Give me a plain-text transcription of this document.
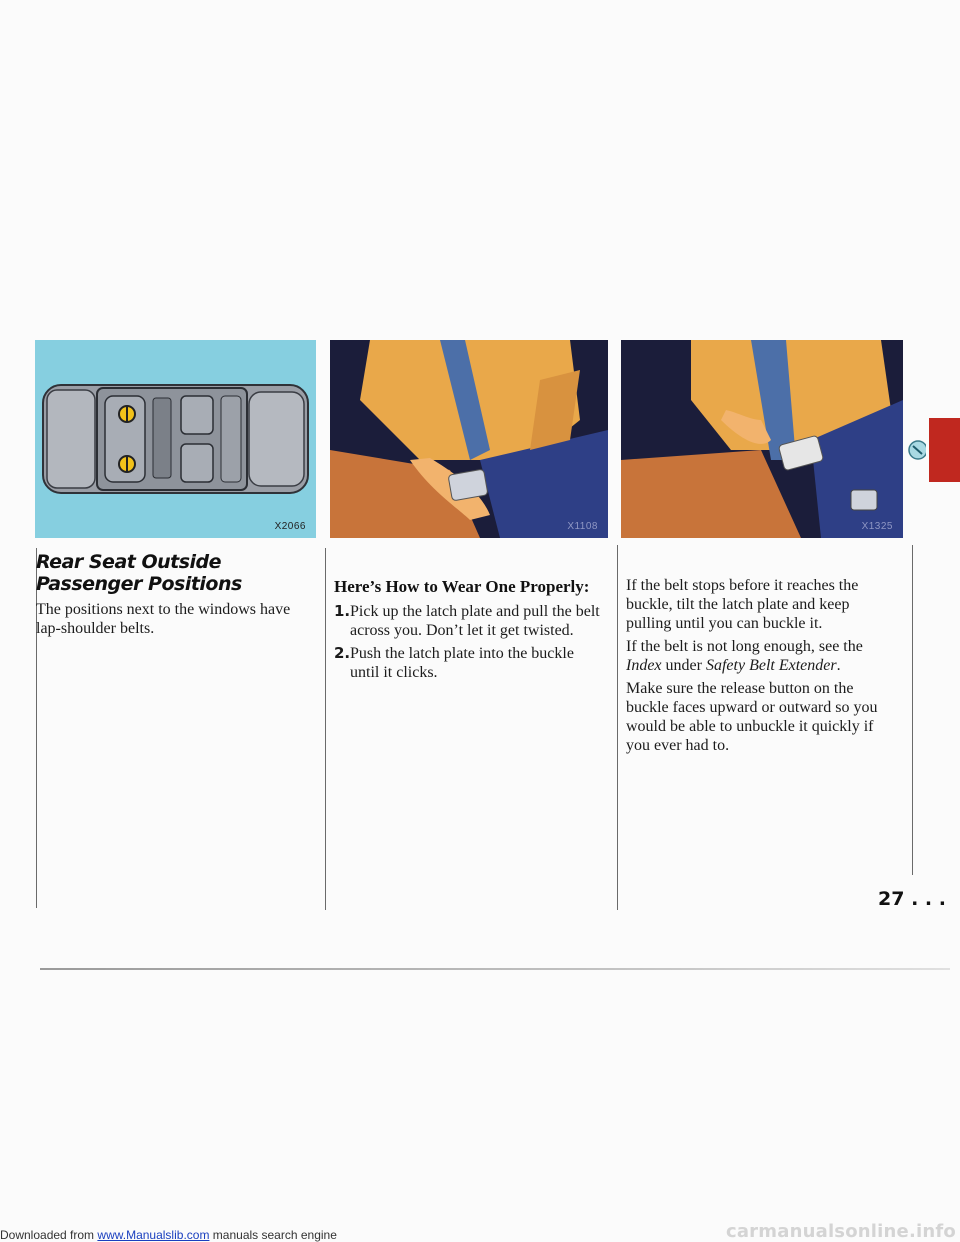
X2066	X1108	X1325
Rear Seat Outside Passenger Positions

The positions next to the windows have lap-shoulder belts.

Here’s How to Wear One Properly:
1. Pick up the latch plate and pull the belt across you. Don’t let it get twisted.
2. Push the latch plate into the buckle until it clicks.

If the belt stops before it reaches the buckle, tilt the latch plate and keep pulling until you can buckle it.

If the belt is not long enough, see the Index under Safety Belt Extender.

Make sure the release button on the buckle faces upward or outward so you would be able to unbuckle it quickly if you ever had to.

27 . . .
Downloaded from www.Manualslib.com manuals search engine	carmanualsonline.info
